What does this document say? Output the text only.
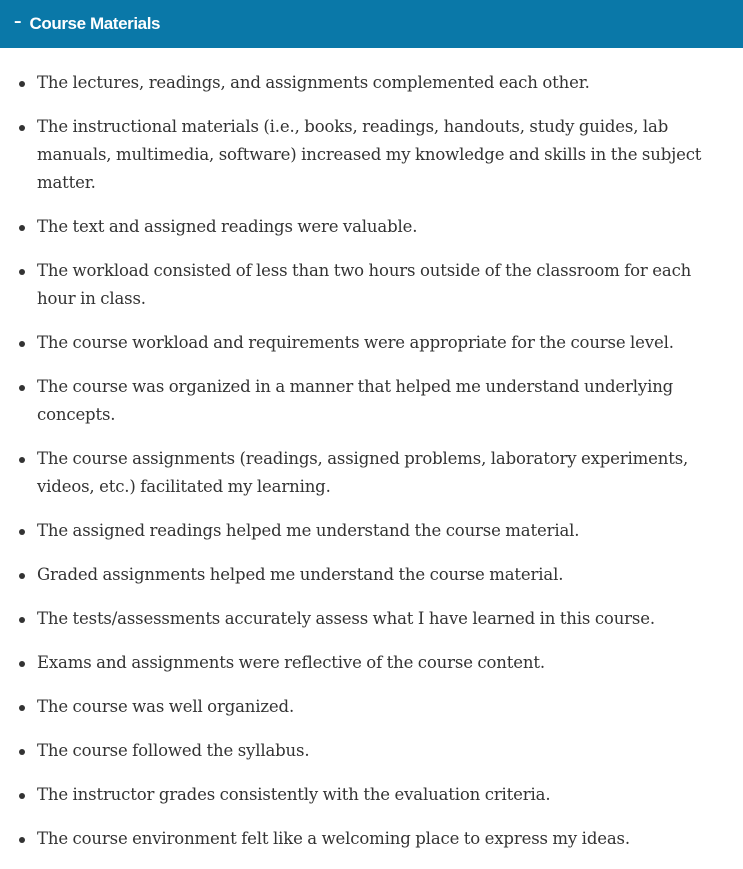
– Course Materials
The lectures, readings, and assignments complemented each other.
The instructional materials (i.e., books, readings, handouts, study guides, lab manuals, multimedia, software) increased my knowledge and skills in the subject matter.
The text and assigned readings were valuable.
The workload consisted of less than two hours outside of the classroom for each hour in class.
The course workload and requirements were appropriate for the course level.
The course was organized in a manner that helped me understand underlying concepts.
The course assignments (readings, assigned problems, laboratory experiments, videos, etc.) facilitated my learning.
The assigned readings helped me understand the course material.
Graded assignments helped me understand the course material.
The tests/assessments accurately assess what I have learned in this course.
Exams and assignments were reflective of the course content.
The course was well organized.
The course followed the syllabus.
The instructor grades consistently with the evaluation criteria.
The course environment felt like a welcoming place to express my ideas.
